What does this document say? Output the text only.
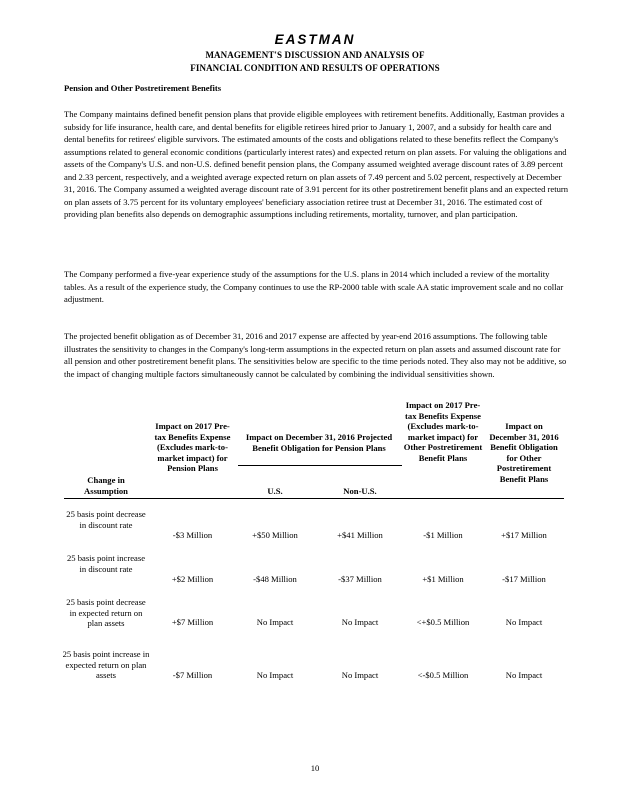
EASTMAN
MANAGEMENT'S DISCUSSION AND ANALYSIS OF
FINANCIAL CONDITION AND RESULTS OF OPERATIONS
Pension and Other Postretirement Benefits

The Company maintains defined benefit pension plans that provide eligible employees with retirement benefits. Additionally, Eastman provides a subsidy for life insurance, health care, and dental benefits for eligible retirees hired prior to January 1, 2007, and a subsidy for health care and dental benefits for retirees' eligible survivors. The estimated amounts of the costs and obligations related to these benefits reflect the Company's assumptions related to general economic conditions (particularly interest rates) and expected return on plan assets. For valuing the obligations and assets of the Company's U.S. and non-U.S. defined benefit pension plans, the Company assumed weighted average discount rates of 3.89 percent and 2.33 percent, respectively, and a weighted average expected return on plan assets of 7.49 percent and 5.02 percent, respectively at December 31, 2016. The Company assumed a weighted average discount rate of 3.91 percent for its other postretirement benefit plans and an expected return on plan assets of 3.75 percent for its voluntary employees' beneficiary association retiree trust at December 31, 2016. The estimated cost of providing plan benefits also depends on demographic assumptions including retirements, mortality, turnover, and plan participation.

The Company performed a five-year experience study of the assumptions for the U.S. plans in 2014 which included a review of the mortality tables. As a result of the experience study, the Company continues to use the RP-2000 table with scale AA static improvement scale and no collar adjustment.

The projected benefit obligation as of December 31, 2016 and 2017 expense are affected by year-end 2016 assumptions. The following table illustrates the sensitivity to changes in the Company's long-term assumptions in the expected return on plan assets and assumed discount rate for all pension and other postretirement benefit plans. The sensitivities below are specific to the time periods noted. They also may not be additive, so the impact of changing multiple factors simultaneously cannot be calculated by combining the individual sensitivities shown.

Change in Assumption
Impact on 2017 Pre-tax Benefits Expense (Excludes mark-to-market impact) for Pension Plans
Impact on December 31, 2016 Projected Benefit Obligation for Pension Plans
U.S.	Non-U.S.
Impact on 2017 Pre-tax Benefits Expense (Excludes mark-to-market impact) for Other Postretirement Benefit Plans
Impact on December 31, 2016 Benefit Obligation for Other Postretirement Benefit Plans
25 basis point decrease in discount rate
-$3 Million	+$50 Million	+$41 Million	-$1 Million	+$17 Million
25 basis point increase in discount rate
+$2 Million	-$48 Million	-$37 Million	+$1 Million	-$17 Million
25 basis point decrease in expected return on plan assets	+$7 Million	No Impact	No Impact	<+$0.5 Million	No Impact
25 basis point increase in expected return on plan assets	-$7 Million	No Impact	No Impact	<-$0.5 Million	No Impact
10
